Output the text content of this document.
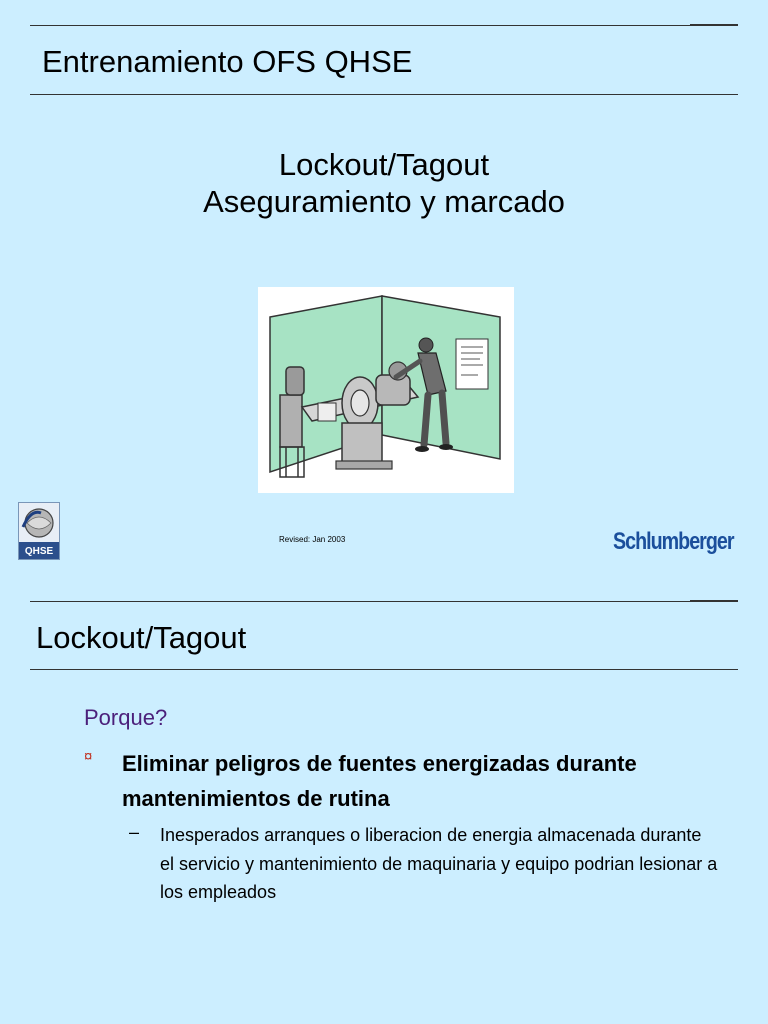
Entrenamiento OFS QHSE
Lockout/Tagout
Aseguramiento y marcado
QHSE
Revised: Jan 2003	Schlumberger
Lockout/Tagout
Porque?
¤ Eliminar peligros de fuentes energizadas durante mantenimientos de rutina
– Inesperados arranques o liberacion de energia almacenada durante el servicio y mantenimiento de maquinaria y equipo podrian lesionar a los empleados
